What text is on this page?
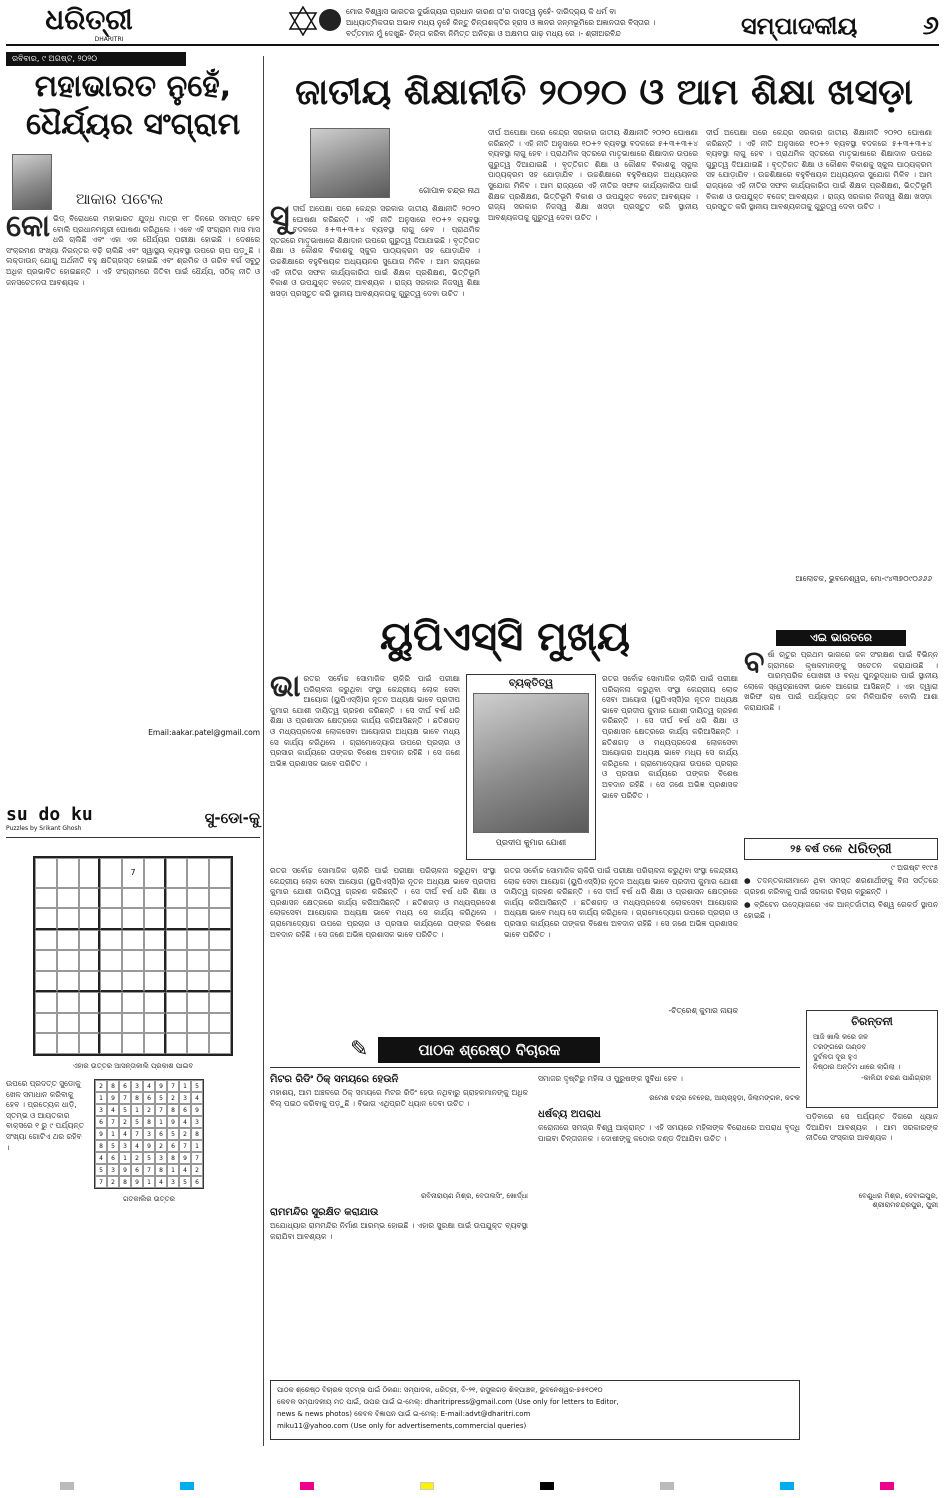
ଧରିତ୍ରୀ
DHARITRI
ମୋର ବିଶ୍ୱାସ ଭାରତର ଦୁର୍ଭାଗ୍ୟର ପ୍ରଧାନ କାରଣ ତା'ର ଦାସତ୍ୱ ନୁହେଁ- ଦାରିଦ୍ର୍ୟ କି ଧର୍ମ ବା
ଆଧ୍ୟାତ୍ମିକତାର ଅଭାବ ମଧ୍ୟ ନୁହେଁ କିନ୍ତୁ ଚିନ୍ତାଶକ୍ତିର ହ୍ରାସ ଓ ଜ୍ଞାନର ଜନ୍ମଭୂମିରେ ଅଜ୍ଞାନତାର ବିସ୍ତାର ।
ବର୍ତ୍ତମାନ ମୁଁ ଦେଖୁଛି- ଚିନ୍ତା କରିବା ନିମିତ୍ତ ଅନିଚ୍ଛା ଓ ଅକ୍ଷମତା ଗାଢ଼ ମଧ୍ୟ ରେ ।- ଶ୍ରୀଅରବିନ୍ଦ	ସମ୍ପାଦକୀୟ	୬
ରବିବାର, ୯ ଅଗଷ୍ଟ, ୨୦୨୦
ମହାଭାରତ ନୁହେଁ, ଧୈର୍ଯ୍ୟର ସଂଗ୍ରାମ
ଆକାର ପଟେଲ
କୋ ଭିଡ୍ ବିରୋଧରେ ମହାଭାରତ ଯୁଦ୍ଧ ମାତ୍ର ୧୮ ଦିନରେ ସମାପ୍ତ ହେବ ବୋଲି ପ୍ରଧାନମନ୍ତ୍ରୀ ଘୋଷଣା କରିଥିଲେ । ଏବେ ଏହି ସଂଗ୍ରାମ ମାସ ମାସ ଧରି ଚାଲିଛି ଏବଂ ଏହା ଏକ ଧୈର୍ଯ୍ୟର ପରୀକ୍ଷା ହୋଇଛି । ଦେଶରେ ସଂକ୍ରମଣ ସଂଖ୍ୟା ନିରନ୍ତର ବଢ଼ି ଚାଲିଛି ଏବଂ ସ୍ୱାସ୍ଥ୍ୟ ବ୍ୟବସ୍ଥା ଉପରେ ଚାପ ପଡ଼ୁଛି । ଲକ୍‌ଡାଉନ୍ ଯୋଗୁ ଅର୍ଥନୀତି ବହୁ କ୍ଷତିଗ୍ରସ୍ତ ହୋଇଛି ଏବଂ ଶ୍ରମିକ ଓ ଗରିବ ବର୍ଗ ସବୁଠୁ ଅଧିକ ପ୍ରଭାବିତ ହୋଇଛନ୍ତି । ଏହି ସଂଗ୍ରାମରେ ଜିତିବା ପାଇଁ ଧୈର୍ଯ୍ୟ, ସଠିକ୍ ନୀତି ଓ ଜନସଚେତନତା ଆବଶ୍ୟକ ।
Email:aakar.patel@gmail.com
ଜାତୀୟ ଶିକ୍ଷାନୀତି ୨୦୨୦ ଓ ଆମ ଶିକ୍ଷା ଖସଡ଼ା
ଗୋପାଳ ଚନ୍ଦ୍ର ନାଥ
ସୁ ଦୀର୍ଘ ଅପେକ୍ଷା ପରେ କେନ୍ଦ୍ର ସରକାର ଜାତୀୟ ଶିକ୍ଷାନୀତି ୨୦୨୦ ଘୋଷଣା କରିଛନ୍ତି । ଏହି ନୀତି ଅନୁସାରେ ୧୦+୨ ବ୍ୟବସ୍ଥା ବଦଳରେ ୫+୩+୩+୪ ବ୍ୟବସ୍ଥା ଲାଗୁ ହେବ । ପ୍ରାଥମିକ ସ୍ତରରେ ମାତୃଭାଷାରେ ଶିକ୍ଷାଦାନ ଉପରେ ଗୁରୁତ୍ୱ ଦିଆଯାଇଛି । ବୃତ୍ତିଗତ ଶିକ୍ଷା ଓ କୌଶଳ ବିକାଶକୁ ସ୍କୁଲ ପାଠ୍ୟକ୍ରମ ସହ ଯୋଡ଼ାଯିବ । ଉଚ୍ଚଶିକ୍ଷାରେ ବହୁବିଷୟକ ଅଧ୍ୟୟନର ସୁଯୋଗ ମିଳିବ । ଆମ ରାଜ୍ୟରେ ଏହି ନୀତିର ସଫଳ କାର୍ଯ୍ୟକାରିତା ପାଇଁ ଶିକ୍ଷକ ପ୍ରଶିକ୍ଷଣ, ଭିତ୍ତିଭୂମି ବିକାଶ ଓ ଉପଯୁକ୍ତ ବଜେଟ୍ ଆବଶ୍ୟକ । ରାଜ୍ୟ ସରକାର ନିଜସ୍ୱ ଶିକ୍ଷା ଖସଡ଼ା ପ୍ରସ୍ତୁତ କରି ସ୍ଥାନୀୟ ଆବଶ୍ୟକତାକୁ ଗୁରୁତ୍ୱ ଦେବା ଉଚିତ ।
ଦୀର୍ଘ ଅପେକ୍ଷା ପରେ କେନ୍ଦ୍ର ସରକାର ଜାତୀୟ ଶିକ୍ଷାନୀତି ୨୦୨୦ ଘୋଷଣା କରିଛନ୍ତି । ଏହି ନୀତି ଅନୁସାରେ ୧୦+୨ ବ୍ୟବସ୍ଥା ବଦଳରେ ୫+୩+୩+୪ ବ୍ୟବସ୍ଥା ଲାଗୁ ହେବ । ପ୍ରାଥମିକ ସ୍ତରରେ ମାତୃଭାଷାରେ ଶିକ୍ଷାଦାନ ଉପରେ ଗୁରୁତ୍ୱ ଦିଆଯାଇଛି । ବୃତ୍ତିଗତ ଶିକ୍ଷା ଓ କୌଶଳ ବିକାଶକୁ ସ୍କୁଲ ପାଠ୍ୟକ୍ରମ ସହ ଯୋଡ଼ାଯିବ । ଉଚ୍ଚଶିକ୍ଷାରେ ବହୁବିଷୟକ ଅଧ୍ୟୟନର ସୁଯୋଗ ମିଳିବ । ଆମ ରାଜ୍ୟରେ ଏହି ନୀତିର ସଫଳ କାର୍ଯ୍ୟକାରିତା ପାଇଁ ଶିକ୍ଷକ ପ୍ରଶିକ୍ଷଣ, ଭିତ୍ତିଭୂମି ବିକାଶ ଓ ଉପଯୁକ୍ତ ବଜେଟ୍ ଆବଶ୍ୟକ । ରାଜ୍ୟ ସରକାର ନିଜସ୍ୱ ଶିକ୍ଷା ଖସଡ଼ା ପ୍ରସ୍ତୁତ କରି ସ୍ଥାନୀୟ ଆବଶ୍ୟକତାକୁ ଗୁରୁତ୍ୱ ଦେବା ଉଚିତ ।
ଦୀର୍ଘ ଅପେକ୍ଷା ପରେ କେନ୍ଦ୍ର ସରକାର ଜାତୀୟ ଶିକ୍ଷାନୀତି ୨୦୨୦ ଘୋଷଣା କରିଛନ୍ତି । ଏହି ନୀତି ଅନୁସାରେ ୧୦+୨ ବ୍ୟବସ୍ଥା ବଦଳରେ ୫+୩+୩+୪ ବ୍ୟବସ୍ଥା ଲାଗୁ ହେବ । ପ୍ରାଥମିକ ସ୍ତରରେ ମାତୃଭାଷାରେ ଶିକ୍ଷାଦାନ ଉପରେ ଗୁରୁତ୍ୱ ଦିଆଯାଇଛି । ବୃତ୍ତିଗତ ଶିକ୍ଷା ଓ କୌଶଳ ବିକାଶକୁ ସ୍କୁଲ ପାଠ୍ୟକ୍ରମ ସହ ଯୋଡ଼ାଯିବ । ଉଚ୍ଚଶିକ୍ଷାରେ ବହୁବିଷୟକ ଅଧ୍ୟୟନର ସୁଯୋଗ ମିଳିବ । ଆମ ରାଜ୍ୟରେ ଏହି ନୀତିର ସଫଳ କାର୍ଯ୍ୟକାରିତା ପାଇଁ ଶିକ୍ଷକ ପ୍ରଶିକ୍ଷଣ, ଭିତ୍ତିଭୂମି ବିକାଶ ଓ ଉପଯୁକ୍ତ ବଜେଟ୍ ଆବଶ୍ୟକ । ରାଜ୍ୟ ସରକାର ନିଜସ୍ୱ ଶିକ୍ଷା ଖସଡ଼ା ପ୍ରସ୍ତୁତ କରି ସ୍ଥାନୀୟ ଆବଶ୍ୟକତାକୁ ଗୁରୁତ୍ୱ ଦେବା ଉଚିତ ।
ଆଲୋଚକ, ଭୁବନେଶ୍ୱର, ମୋ-୯୪୩୭୦୯୦୬୬୬
ଏଇ ଭାରତରେ
ବ ର୍ଷା ଋତୁର ପ୍ରଥମ ଭାଗରେ ଜଳ ସଂରକ୍ଷଣ ପାଇଁ ବିଭିନ୍ନ ଗ୍ରାମରେ କୃଷକମାନଙ୍କୁ ସଚେତନ କରାଯାଉଛି । ପାରମ୍ପରିକ ପୋଖରୀ ଓ ବନ୍ଧ ପୁନରୁଦ୍ଧାର ପାଇଁ ସ୍ଥାନୀୟ ଲୋକେ ସ୍ୱେଚ୍ଛାସେବୀ ଭାବେ ଆଗେଇ ଆସିଛନ୍ତି । ଏହା ଦ୍ୱାରା ଖରିଫ ଚାଷ ପାଇଁ ପର୍ଯ୍ୟାପ୍ତ ଜଳ ମିଳିପାରିବ ବୋଲି ଆଶା କରାଯାଉଛି ।
ୟୁପିଏସ୍‌ସି ମୁଖ୍ୟ
ଭା ରତର ସର୍ବୋଚ୍ଚ ସୋମାଜିକ ଚାକିରି ପାଇଁ ପରୀକ୍ଷା ପରିଚାଳନା କରୁଥିବା ସଂସ୍ଥା କେନ୍ଦ୍ରୀୟ ଲୋକ ସେବା ଆୟୋଗ (ୟୁପିଏସ୍‌ସି)ର ନୂତନ ଅଧ୍ୟକ୍ଷ ଭାବେ ପ୍ରଦୀପ କୁମାର ଯୋଶୀ ଦାୟିତ୍ୱ ଗ୍ରହଣ କରିଛନ୍ତି । ସେ ଦୀର୍ଘ ବର୍ଷ ଧରି ଶିକ୍ଷା ଓ ପ୍ରଶାସନ କ୍ଷେତ୍ରରେ କାର୍ଯ୍ୟ କରିଆସିଛନ୍ତି । ଛତିଶଗଡ଼ ଓ ମଧ୍ୟପ୍ରଦେଶ ଲୋକସେବା ଆୟୋଗର ଅଧ୍ୟକ୍ଷ ଭାବେ ମଧ୍ୟ ସେ କାର୍ଯ୍ୟ କରିଥିଲେ । ଗ୍ରାମୋଦ୍ୟୋଗ ଉପରେ ପ୍ରଚାର ଓ ପ୍ରସାର କାର୍ଯ୍ୟରେ ତାଙ୍କର ବିଶେଷ ଅବଦାନ ରହିଛି । ସେ ଜଣେ ଅଭିଜ୍ଞ ପ୍ରଶାସକ ଭାବେ ପରିଚିତ ।
ବ୍ୟକ୍ତିତ୍ୱ
ପ୍ରଦୀପ କୁମାର ଯୋଶୀ
ରତର ସର୍ବୋଚ୍ଚ ସୋମାଜିକ ଚାକିରି ପାଇଁ ପରୀକ୍ଷା ପରିଚାଳନା କରୁଥିବା ସଂସ୍ଥା କେନ୍ଦ୍ରୀୟ ଲୋକ ସେବା ଆୟୋଗ (ୟୁପିଏସ୍‌ସି)ର ନୂତନ ଅଧ୍ୟକ୍ଷ ଭାବେ ପ୍ରଦୀପ କୁମାର ଯୋଶୀ ଦାୟିତ୍ୱ ଗ୍ରହଣ କରିଛନ୍ତି । ସେ ଦୀର୍ଘ ବର୍ଷ ଧରି ଶିକ୍ଷା ଓ ପ୍ରଶାସନ କ୍ଷେତ୍ରରେ କାର୍ଯ୍ୟ କରିଆସିଛନ୍ତି । ଛତିଶଗଡ଼ ଓ ମଧ୍ୟପ୍ରଦେଶ ଲୋକସେବା ଆୟୋଗର ଅଧ୍ୟକ୍ଷ ଭାବେ ମଧ୍ୟ ସେ କାର୍ଯ୍ୟ କରିଥିଲେ । ଗ୍ରାମୋଦ୍ୟୋଗ ଉପରେ ପ୍ରଚାର ଓ ପ୍ରସାର କାର୍ଯ୍ୟରେ ତାଙ୍କର ବିଶେଷ ଅବଦାନ ରହିଛି । ସେ ଜଣେ ଅଭିଜ୍ଞ ପ୍ରଶାସକ ଭାବେ ପରିଚିତ ।
ରତର ସର୍ବୋଚ୍ଚ ସୋମାଜିକ ଚାକିରି ପାଇଁ ପରୀକ୍ଷା ପରିଚାଳନା କରୁଥିବା ସଂସ୍ଥା କେନ୍ଦ୍ରୀୟ ଲୋକ ସେବା ଆୟୋଗ (ୟୁପିଏସ୍‌ସି)ର ନୂତନ ଅଧ୍ୟକ୍ଷ ଭାବେ ପ୍ରଦୀପ କୁମାର ଯୋଶୀ ଦାୟିତ୍ୱ ଗ୍ରହଣ କରିଛନ୍ତି । ସେ ଦୀର୍ଘ ବର୍ଷ ଧରି ଶିକ୍ଷା ଓ ପ୍ରଶାସନ କ୍ଷେତ୍ରରେ କାର୍ଯ୍ୟ କରିଆସିଛନ୍ତି । ଛତିଶଗଡ଼ ଓ ମଧ୍ୟପ୍ରଦେଶ ଲୋକସେବା ଆୟୋଗର ଅଧ୍ୟକ୍ଷ ଭାବେ ମଧ୍ୟ ସେ କାର୍ଯ୍ୟ କରିଥିଲେ । ଗ୍ରାମୋଦ୍ୟୋଗ ଉପରେ ପ୍ରଚାର ଓ ପ୍ରସାର କାର୍ଯ୍ୟରେ ତାଙ୍କର ବିଶେଷ ଅବଦାନ ରହିଛି । ସେ ଜଣେ ଅଭିଜ୍ଞ ପ୍ରଶାସକ ଭାବେ ପରିଚିତ ।
ରତର ସର୍ବୋଚ୍ଚ ସୋମାଜିକ ଚାକିରି ପାଇଁ ପରୀକ୍ଷା ପରିଚାଳନା କରୁଥିବା ସଂସ୍ଥା କେନ୍ଦ୍ରୀୟ ଲୋକ ସେବା ଆୟୋଗ (ୟୁପିଏସ୍‌ସି)ର ନୂତନ ଅଧ୍ୟକ୍ଷ ଭାବେ ପ୍ରଦୀପ କୁମାର ଯୋଶୀ ଦାୟିତ୍ୱ ଗ୍ରହଣ କରିଛନ୍ତି । ସେ ଦୀର୍ଘ ବର୍ଷ ଧରି ଶିକ୍ଷା ଓ ପ୍ରଶାସନ କ୍ଷେତ୍ରରେ କାର୍ଯ୍ୟ କରିଆସିଛନ୍ତି । ଛତିଶଗଡ଼ ଓ ମଧ୍ୟପ୍ରଦେଶ ଲୋକସେବା ଆୟୋଗର ଅଧ୍ୟକ୍ଷ ଭାବେ ମଧ୍ୟ ସେ କାର୍ଯ୍ୟ କରିଥିଲେ । ଗ୍ରାମୋଦ୍ୟୋଗ ଉପରେ ପ୍ରଚାର ଓ ପ୍ରସାର କାର୍ଯ୍ୟରେ ତାଙ୍କର ବିଶେଷ ଅବଦାନ ରହିଛି । ସେ ଜଣେ ଅଭିଜ୍ଞ ପ୍ରଶାସକ ଭାବେ ପରିଚିତ ।
-ଚିତ୍ରେଶ୍ କୁମାର ନାୟକ
୨୫ ବର୍ଷ ତଳେ ଧରିତ୍ରୀ
୯ ଅଗଷ୍ଟ ୧୯୯୫
● ତଦନ୍ତକାରୀମାନେ ଥିବା ସମସ୍ତ ଶରଣାର୍ଥୀଙ୍କୁ ବିନା ସର୍ତ୍ତରେ ଗ୍ରହଣ କରିବାକୁ ପାଇଁ ସରକାର ବିଚାର କରୁଛନ୍ତି ।
● ବ୍ରିଟେନ ଉଦ୍ୟୋଗରେ ଏକ ଆନ୍ତର୍ଜାତୀୟ ବିଶ୍ୱ ରେକର୍ଡ ସ୍ଥାପନ ହୋଇଛି ।
ଚିରନ୍ତନୀ
ଆଜି ଖାଲି କରେ ଜଳ
ତରଙ୍ଗରେ ତାଣ୍ଡବ
ଦୁର୍ବଳତା ଦୂର ହୁଏ
ନିଷ୍ଠାର ଅନ୍ତିମ ଧାରେ ଲାଗିଲା ।
-କାଳିନ୍ଦୀ ଚରଣ ପାଣିଗ୍ରାହୀ
su do ku
Puzzles by Srikant Ghosh
ସୁ-ଡୋ-କୁ
7
ଏହାର ଉତ୍ତର ଆସନ୍ତାକାଲି ପ୍ରକାଶ ପାଇବ
ଉପରେ ପ୍ରଦତ୍ତ ସୁଡୋକୁ ଖେଳ ସମାଧାନ କରିବାକୁ ହେବ । ପ୍ରତ୍ୟେକ ଧାଡ଼ି, ସ୍ତମ୍ଭ ଓ ଆୟତକାର ବାକ୍ସରେ ୧ ରୁ ୯ ପର୍ଯ୍ୟନ୍ତ ସଂଖ୍ୟା ଗୋଟିଏ ଥର ରହିବ ।
2	8	6	3	4	9	7	1	5
1	9	7	8	6	5	2	3	4
3	4	5	1	2	7	8	6	9
6	7	2	5	8	1	9	4	3
9	1	4	7	3	6	5	2	8
8	5	3	4	9	2	6	7	1
4	6	1	2	5	3	8	9	7
5	3	9	6	7	8	1	4	2
7	2	8	9	1	4	3	5	6
ଗତକାଲିର ଉତ୍ତର
✎	ପାଠକ ଶ୍ରେଷ୍ଠ ବିଚାରକ
ମିଟର ରିଡିଂ ଠିକ୍ ସମୟରେ ହେଉନି
ମହାଶୟ, ଆମ ଅଞ୍ଚଳରେ ଠିକ୍ ସମୟରେ ମିଟର ରିଡିଂ ହେଉ ନଥିବାରୁ ଗ୍ରାହକମାନଙ୍କୁ ଅଧିକ ବିଲ୍ ପଇଠ କରିବାକୁ ପଡ଼ୁଛି । ବିଭାଗ ଏଥିପ୍ରତି ଧ୍ୟାନ ଦେବା ଉଚିତ ।
ରବିନାରାୟଣ ମିଶ୍ର, ବେତାଲସିଂ, ଖୋର୍ଦ୍ଧା
ରାମମନ୍ଦିର ସୁରକ୍ଷିତ କରାଯାଉ
ଅଯୋଧ୍ୟାର ରାମମନ୍ଦିର ନିର୍ମାଣ ଆରମ୍ଭ ହୋଇଛି । ଏହାର ସୁରକ୍ଷା ପାଇଁ ଉପଯୁକ୍ତ ବ୍ୟବସ୍ଥା କରାଯିବା ଆବଶ୍ୟକ ।
ସମାଜର ଦୃଷ୍ଟିରୁ ମହିଳା ଓ ପୁରୁଷଙ୍କ ସୁବିଧା ହେବ ।
ରମେଶ ଚନ୍ଦ୍ର ବେହେରା, ଆୟଚାହୁଡ଼ା, ଜିଲାମଙ୍ଗଳ, କଟକ
ଧର୍ଷବ୍ୟ ଅପରାଧ
କରୋନାରେ ସମଗ୍ର ବିଶ୍ୱ ଆକ୍ରାନ୍ତ । ଏହି ସମୟରେ ମହିଳାଙ୍କ ବିରୋଧରେ ଅପରାଧ ବୃଦ୍ଧି ପାଇବା ଚିନ୍ତାଜନକ । ଦୋଷୀଙ୍କୁ କଠୋର ଦଣ୍ଡ ଦିଆଯିବା ଉଚିତ ।
ପାଠକ ଶ୍ରେଷ୍ଠ ବିଚାରକ ସ୍ତମ୍ଭ ପାଇଁ ଠିକଣା: ସମ୍ପାଦକ, ଧରିତ୍ରୀ, ବି-୨୧, ରସୁଲଗଡ଼ ଶିଳ୍ପାଞ୍ଚଳ, ଭୁବନେଶ୍ୱର-୭୫୧୦୧୦
କେବଳ ସମ୍ପାଦକୀୟ ମତ ପାଇଁ, ଉପର ପାଇଁ ଇ-ମେଲ୍: dharitripress@gmail.com (Use only for letters to Editor,
news & news photos) କେବଳ ବିଜ୍ଞାପନ ପାଇଁ ଇ-ମେଲ୍: E-mail:advt@dharitri.com
miku11@yahoo.com (Use only for advertisements,commercial queries)
ପଡ଼ିବାରେ ସେ ପର୍ଯ୍ୟନ୍ତ ଦିଗରେ ଧ୍ୟାନ ଦିଆଯିବା ଆବଶ୍ୟକ । ଆମ ସରକାରଙ୍କ ନୀତିରେ ସଂସ୍କାର ଆବଶ୍ୟକ ।
ବେଣୁଧର ମିଶ୍ର, ଦେବାଇପୁର, ଶ୍ରୀରାମଚନ୍ଦ୍ରପୁର, ପୁରୀ
